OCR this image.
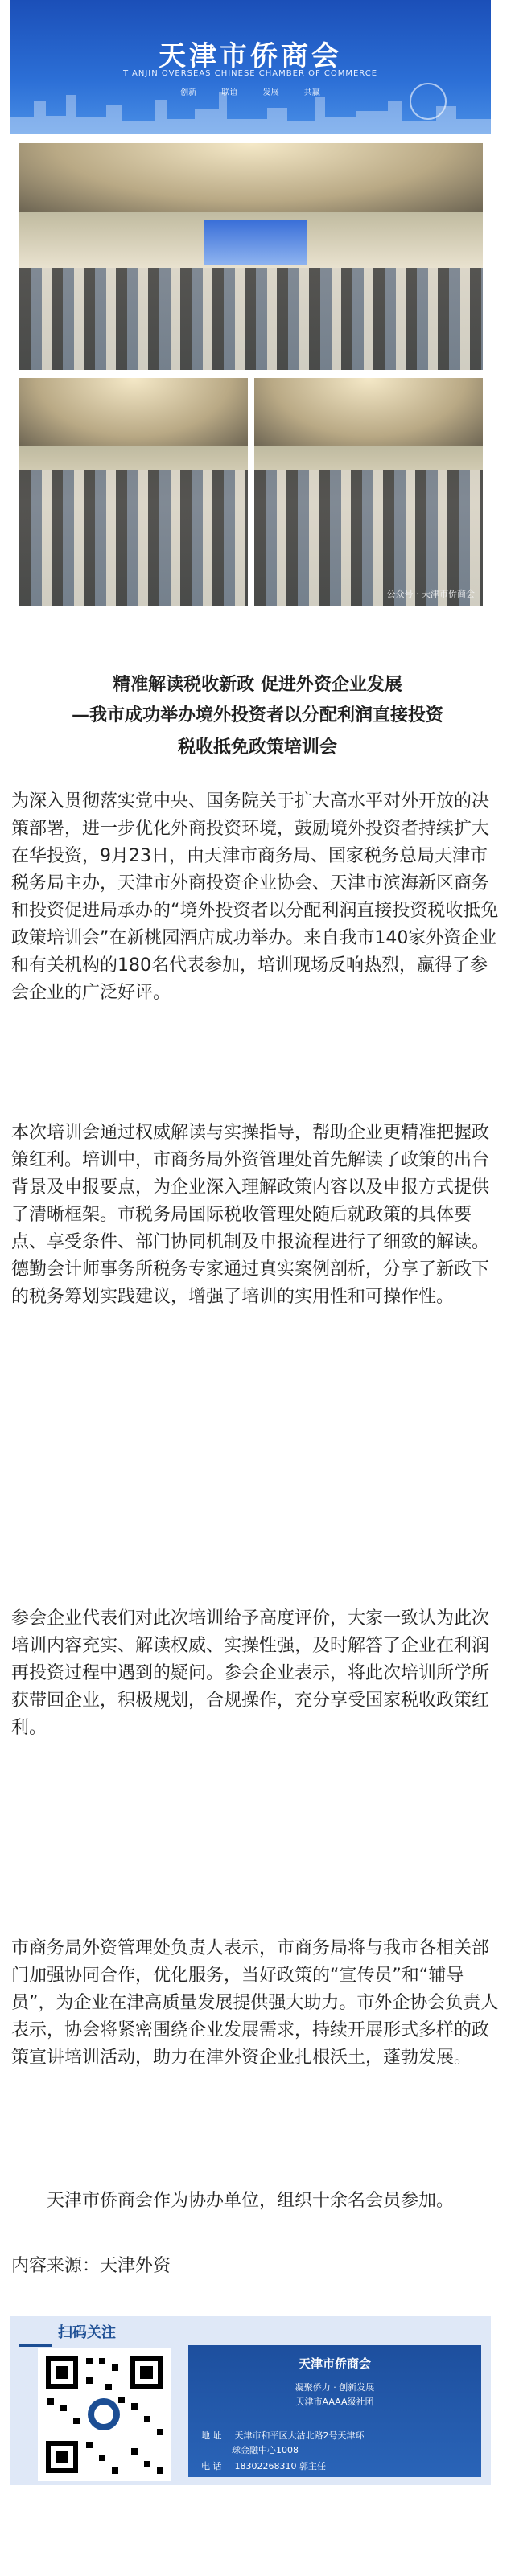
天津市侨商会
TIANJIN OVERSEAS CHINESE CHAMBER OF COMMERCE
创新	联谊	发展	共赢
公众号 · 天津市侨商会
精准解读税收新政 促进外资企业发展
—我市成功举办境外投资者以分配利润直接投资
税收抵免政策培训会

为深入贯彻落实党中央、国务院关于扩大高水平对外开放的决策部署，进一步优化外商投资环境，鼓励境外投资者持续扩大在华投资，9月23日，由天津市商务局、国家税务总局天津市税务局主办，天津市外商投资企业协会、天津市滨海新区商务和投资促进局承办的“境外投资者以分配利润直接投资税收抵免政策培训会”在新桃园酒店成功举办。来自我市140家外资企业和有关机构的180名代表参加，培训现场反响热烈，赢得了参会企业的广泛好评。

本次培训会通过权威解读与实操指导，帮助企业更精准把握政策红利。培训中，市商务局外资管理处首先解读了政策的出台背景及申报要点，为企业深入理解政策内容以及申报方式提供了清晰框架。市税务局国际税收管理处随后就政策的具体要点、享受条件、部门协同机制及申报流程进行了细致的解读。德勤会计师事务所税务专家通过真实案例剖析，分享了新政下的税务筹划实践建议，增强了培训的实用性和可操作性。

参会企业代表们对此次培训给予高度评价，大家一致认为此次培训内容充实、解读权威、实操性强，及时解答了企业在利润再投资过程中遇到的疑问。参会企业表示，将此次培训所学所获带回企业，积极规划，合规操作，充分享受国家税收政策红利。

市商务局外资管理处负责人表示，市商务局将与我市各相关部门加强协同合作，优化服务，当好政策的“宣传员”和“辅导员”，为企业在津高质量发展提供强大助力。市外企协会负责人表示，协会将紧密围绕企业发展需求，持续开展形式多样的政策宣讲培训活动，助力在津外资企业扎根沃土，蓬勃发展。

天津市侨商会作为协办单位，组织十余名会员参加。

扫码关注
天津市侨商会
凝聚侨力 · 创新发展
天津市AAAA级社团
地 址 天津市和平区大沽北路2号天津环
球金融中心1008
电 话 18302268310 郭主任
内容来源：天津外资
